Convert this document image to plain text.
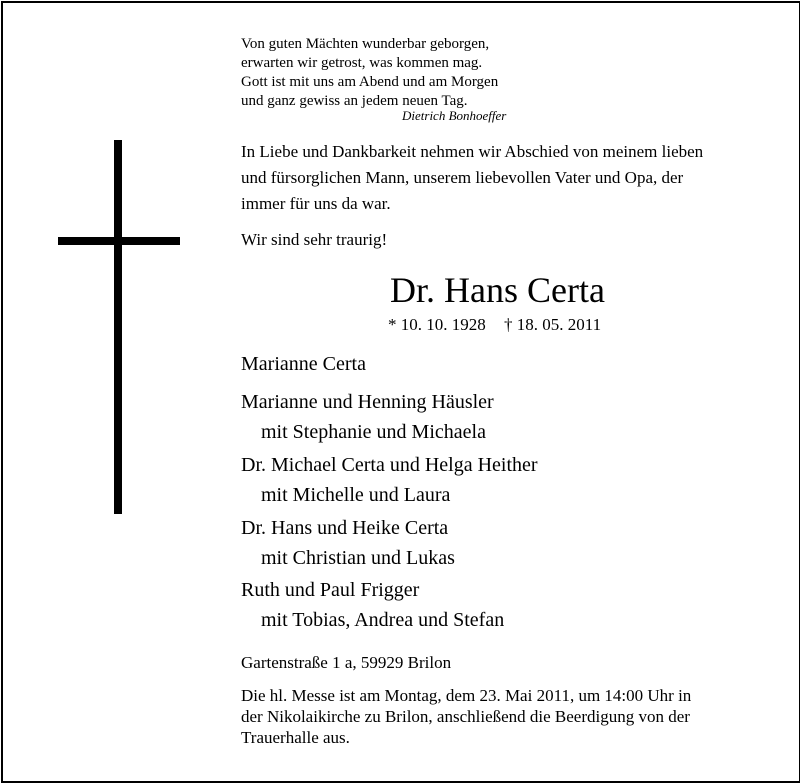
Von guten Mächten wunderbar geborgen,
erwarten wir getrost, was kommen mag.
Gott ist mit uns am Abend und am Morgen
und ganz gewiss an jedem neuen Tag.
Dietrich Bonhoeffer
In Liebe und Dankbarkeit nehmen wir Abschied von meinem lieben
und fürsorglichen Mann, unserem liebevollen Vater und Opa, der
immer für uns da war.
Wir sind sehr traurig!
Dr. Hans Certa
* 10. 10. 1928 † 18. 05. 2011
Marianne Certa
Marianne und Henning Häusler
mit Stephanie und Michaela
Dr. Michael Certa und Helga Heither
mit Michelle und Laura
Dr. Hans und Heike Certa
mit Christian und Lukas
Ruth und Paul Frigger
mit Tobias, Andrea und Stefan
Gartenstraße 1 a, 59929 Brilon
Die hl. Messe ist am Montag, dem 23. Mai 2011, um 14:00 Uhr in
der Nikolaikirche zu Brilon, anschließend die Beerdigung von der
Trauerhalle aus.
